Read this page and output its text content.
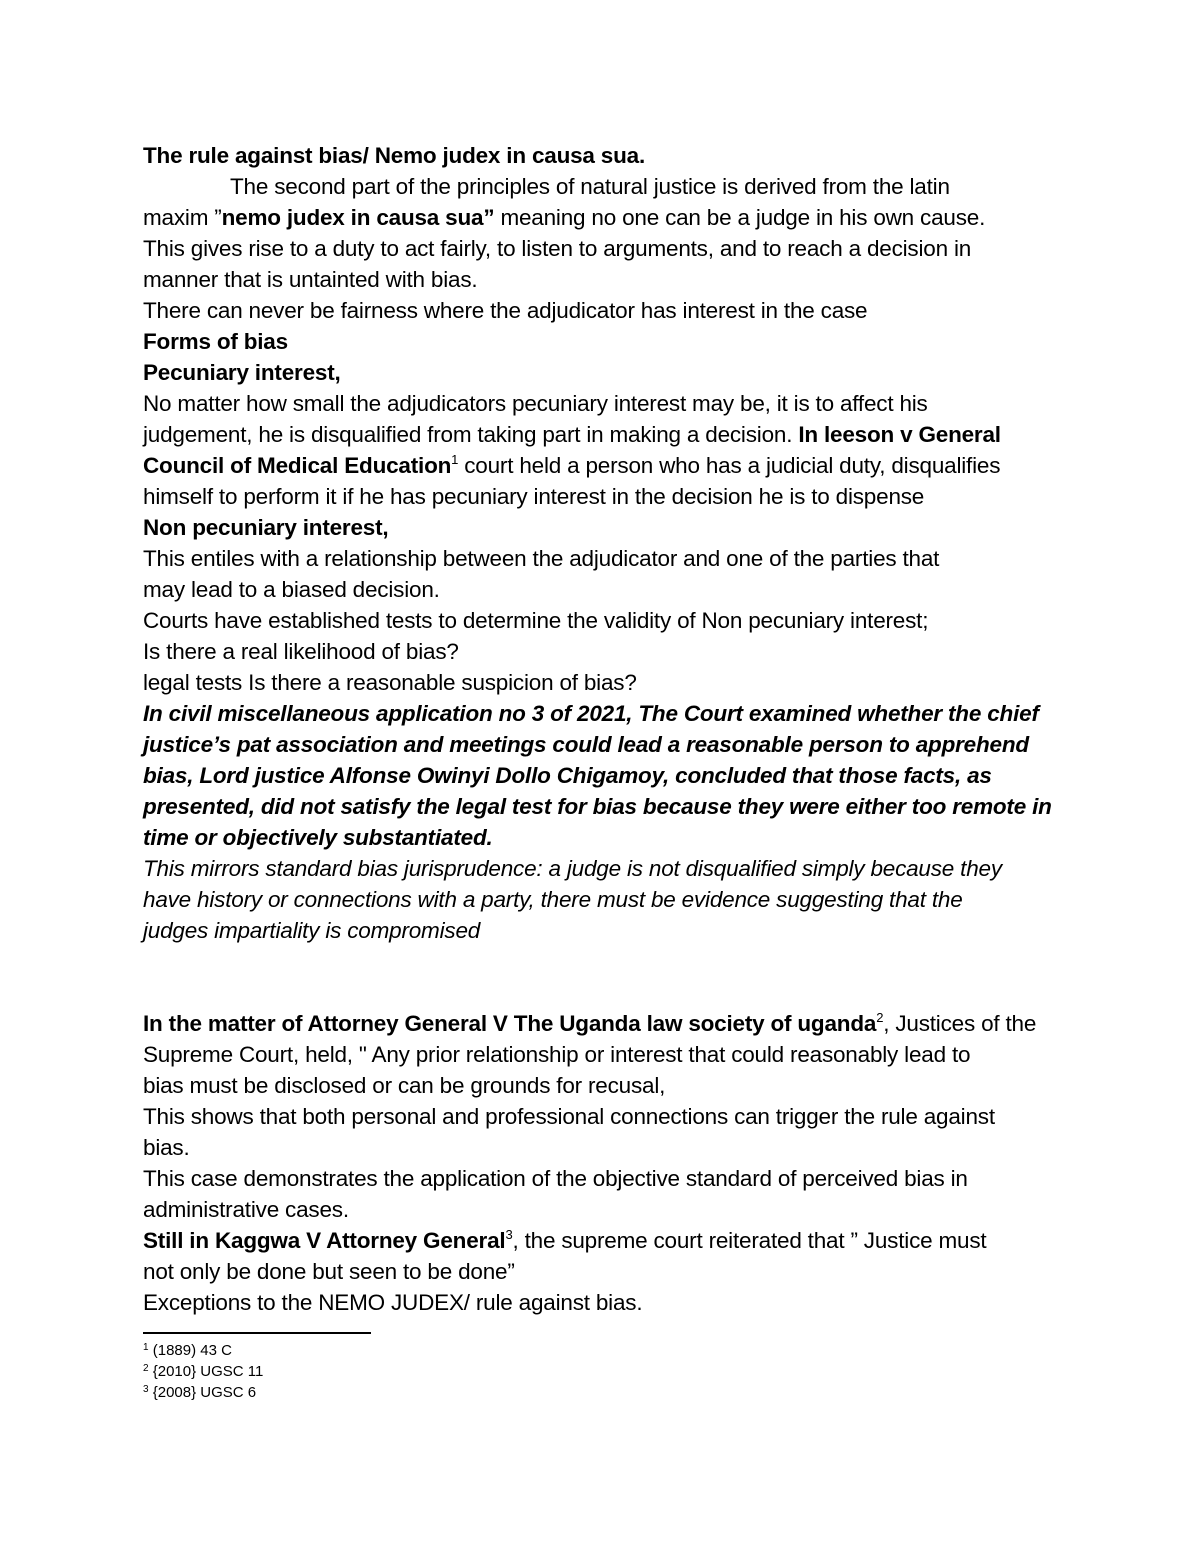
The rule against bias/ Nemo judex in causa sua.
The second part of the principles of natural justice is derived from the latin
maxim ”nemo judex in causa sua” meaning no one can be a judge in his own cause.
This gives rise to a duty to act fairly, to listen to arguments, and to reach a decision in
manner that is untainted with bias.
There can never be fairness where the adjudicator has interest in the case
Forms of bias
Pecuniary interest,
No matter how small the adjudicators pecuniary interest may be, it is to affect his
judgement, he is disqualified from taking part in making a decision. In leeson v General
Council of Medical Education$^1$ court held a person who has a judicial duty, disqualifies
himself to perform it if he has pecuniary interest in the decision he is to dispense
Non pecuniary interest,
This entiles with a relationship between the adjudicator and one of the parties that
may lead to a biased decision.
Courts have established tests to determine the validity of Non pecuniary interest;
Is there a real likelihood of bias?
legal tests Is there a reasonable suspicion of bias?
In civil miscellaneous application no 3 of 2021, The Court examined whether the chief
justice’s pat association and meetings could lead a reasonable person to apprehend
bias, Lord justice Alfonse Owinyi Dollo Chigamoy, concluded that those facts, as
presented, did not satisfy the legal test for bias because they were either too remote in
time or objectively substantiated.
This mirrors standard bias jurisprudence: a judge is not disqualified simply because they
have history or connections with a party, there must be evidence suggesting that the
judges impartiality is compromised
In the matter of Attorney General V The Uganda law society of uganda$^2$, Justices of the
Supreme Court, held, " Any prior relationship or interest that could reasonably lead to
bias must be disclosed or can be grounds for recusal,
This shows that both personal and professional connections can trigger the rule against
bias.
This case demonstrates the application of the objective standard of perceived bias in
administrative cases.
Still in Kaggwa V Attorney General$^3$, the supreme court reiterated that ” Justice must
not only be done but seen to be done”
Exceptions to the NEMO JUDEX/ rule against bias.
$^1$ (1889) 43 C
$^2$ {2010} UGSC 11
$^3$ {2008} UGSC 6
